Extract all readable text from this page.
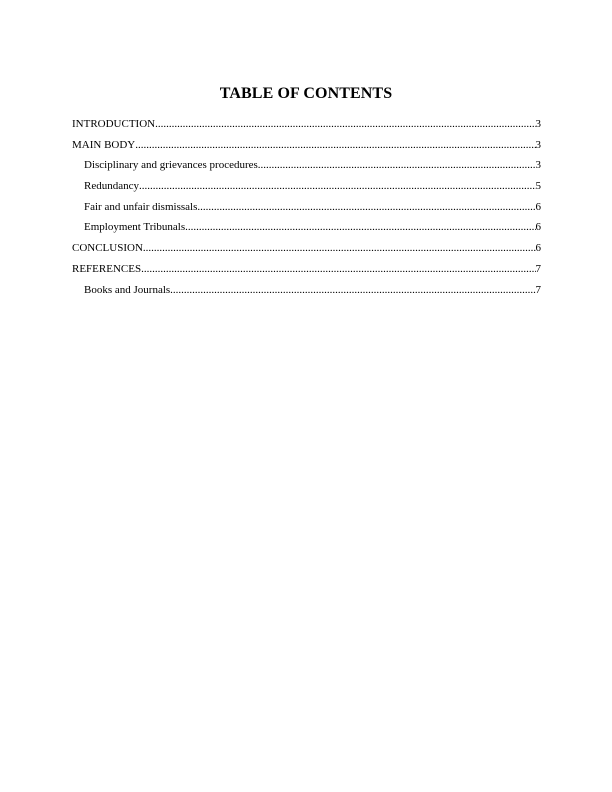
TABLE OF CONTENTS
INTRODUCTION .....	3
MAIN BODY .....	3
Disciplinary and grievances procedures .....	3
Redundancy .....	5
Fair and unfair dismissals .....	6
Employment Tribunals .....	6
CONCLUSION .....	6
REFERENCES .....	7
Books and Journals .....	7
